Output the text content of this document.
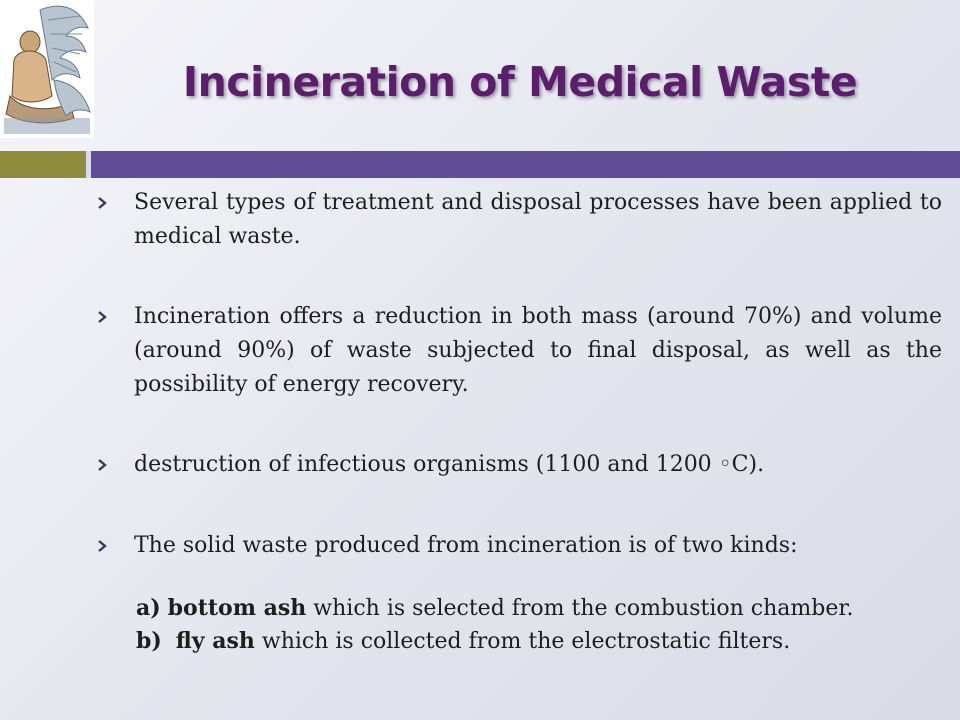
Incineration of Medical Waste
Several types of treatment and disposal processes have been applied to medical waste.
Incineration offers a reduction in both mass (around 70%) and volume (around 90%) of waste subjected to final disposal, as well as the possibility of energy recovery.
destruction of infectious organisms (1100 and 1200 ◦C).
The solid waste produced from incineration is of two kinds:
a) bottom ash which is selected from the combustion chamber.
b) fly ash which is collected from the electrostatic filters.
